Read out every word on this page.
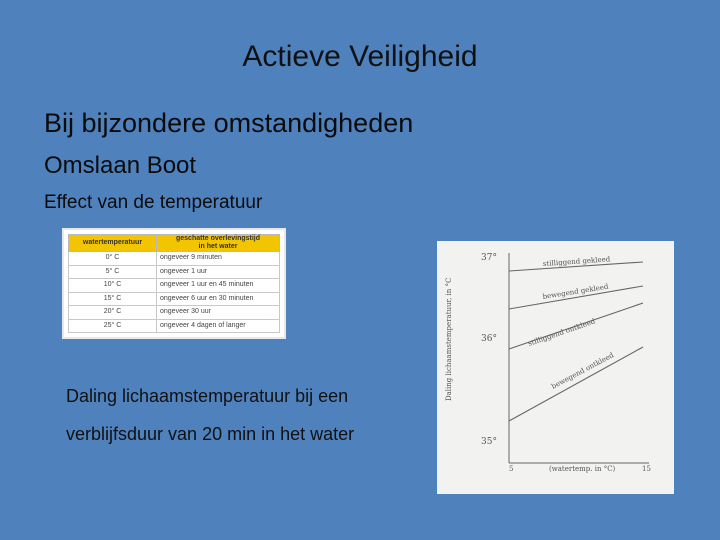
Actieve Veiligheid
Bij bijzondere omstandigheden
Omslaan Boot
Effect van de temperatuur
watertemperatuur	geschatte overlevingstijd
in het water
0° C	ongeveer 9 minuten
5° C	ongeveer 1 uur
10° C	ongeveer 1 uur en 45 minuten
15° C	ongeveer 6 uur en 30 minuten
20° C	ongeveer 30 uur
25° C	ongeveer 4 dagen of langer
Daling lichaamstemperatuur bij een
verblijfsduur van 20 min in het water
37°
36°
35°
5	15
(watertemp. in °C)
Daling lichaamstemperatuur, in °C
stilliggend gekleed
bewegend gekleed
stilliggend ontkleed
bewegend ontkleed
